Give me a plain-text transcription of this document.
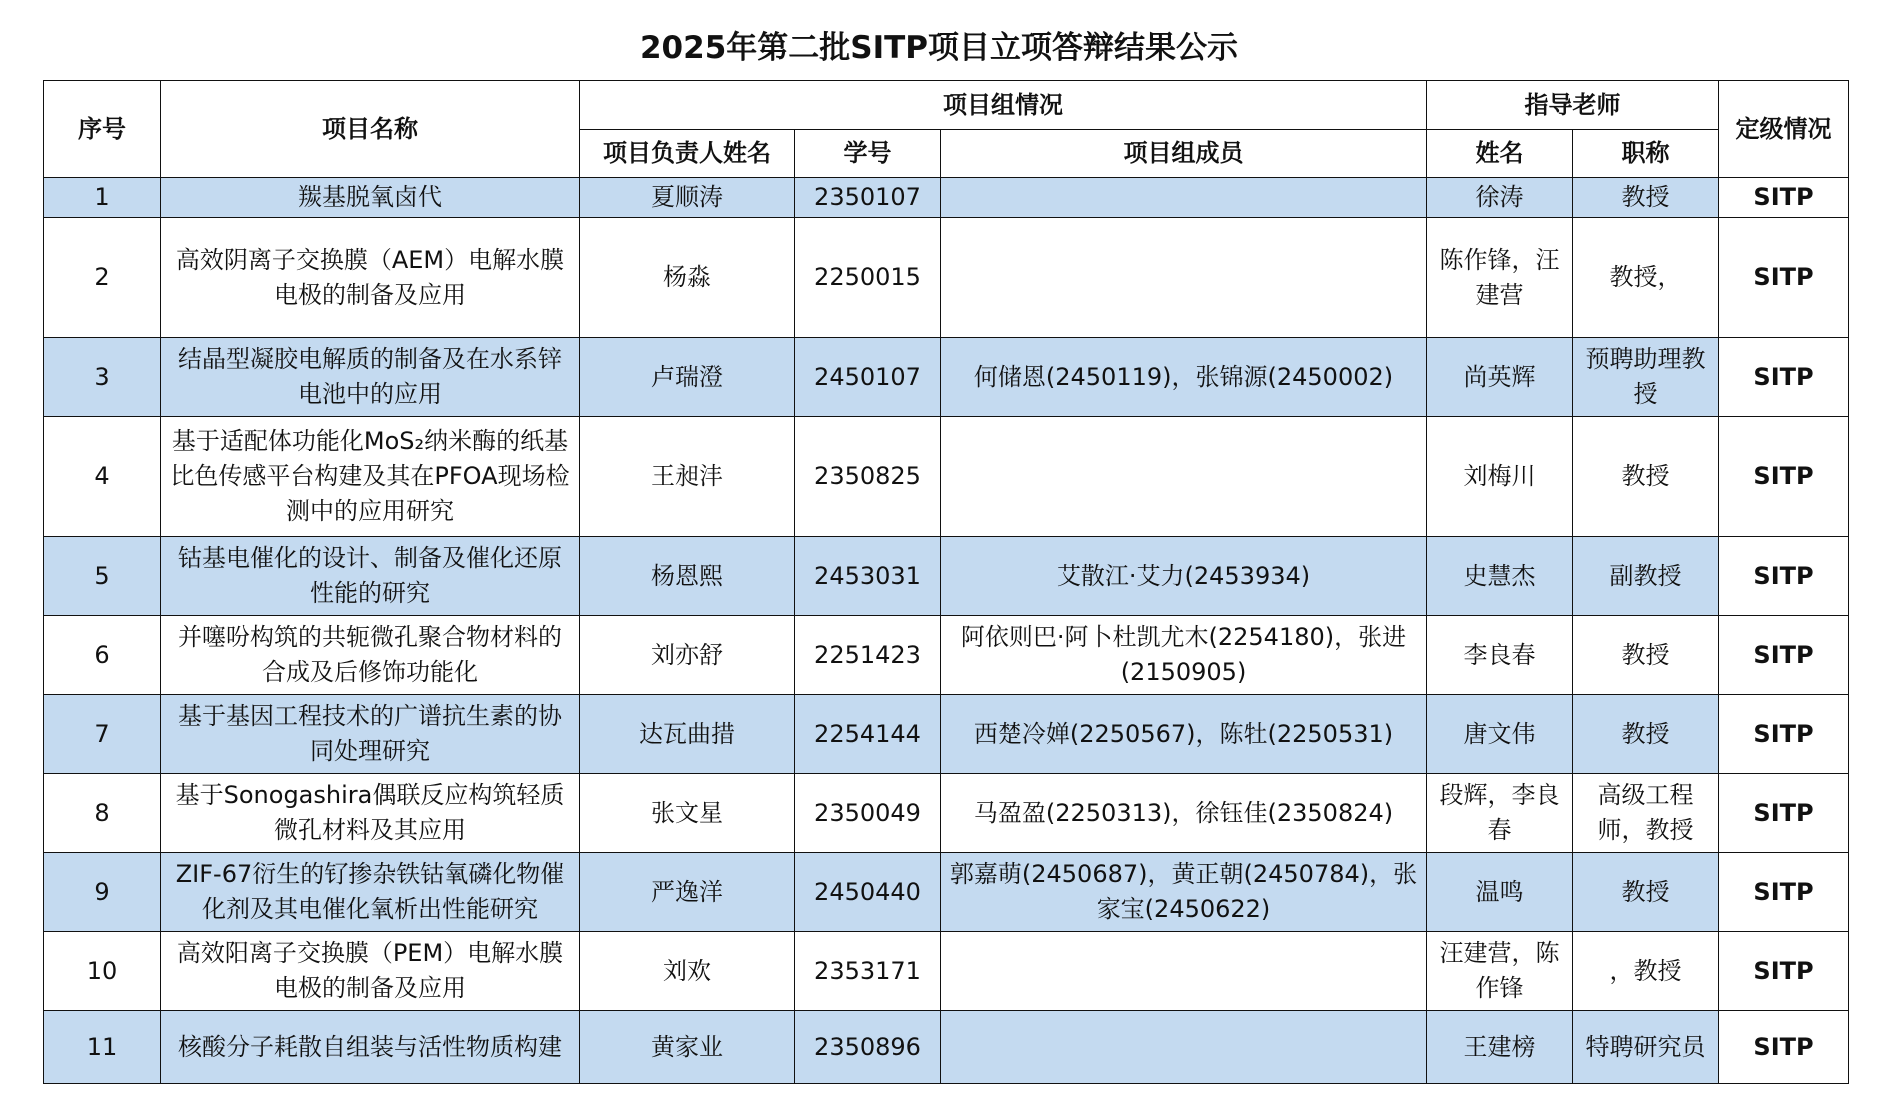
2025年第二批SITP项目立项答辩结果公示
序号	项目名称	项目组情况			指导老师		定级情况
		项目负责人姓名	学号	项目组成员	姓名	职称	
1	羰基脱氧卤代	夏顺涛	2350107		徐涛	教授	SITP
2	高效阴离子交换膜（AEM）电解水膜电极的制备及应用	杨淼	2250015		陈作锋，汪建营	教授，	SITP
3	结晶型凝胶电解质的制备及在水系锌电池中的应用	卢瑞澄	2450107	何储恩(2450119)，张锦源(2450002)	尚英辉	预聘助理教授	SITP
4	基于适配体功能化MoS₂纳米酶的纸基比色传感平台构建及其在PFOA现场检测中的应用研究	王昶沣	2350825		刘梅川	教授	SITP
5	钴基电催化的设计、制备及催化还原性能的研究	杨恩熙	2453031	艾散江·艾力(2453934)	史慧杰	副教授	SITP
6	并噻吩构筑的共轭微孔聚合物材料的合成及后修饰功能化	刘亦舒	2251423	阿依则巴·阿卜杜凯尤木(2254180)，张进(2150905)	李良春	教授	SITP
7	基于基因工程技术的广谱抗生素的协同处理研究	达瓦曲措	2254144	西楚冷婵(2250567)，陈牡(2250531)	唐文伟	教授	SITP
8	基于Sonogashira偶联反应构筑轻质微孔材料及其应用	张文星	2350049	马盈盈(2250313)，徐钰佳(2350824)	段辉，李良春	高级工程师，教授	SITP
9	ZIF-67衍生的钌掺杂铁钴氧磷化物催化剂及其电催化氧析出性能研究	严逸洋	2450440	郭嘉萌(2450687)，黄正朝(2450784)，张家宝(2450622)	温鸣	教授	SITP
10	高效阳离子交换膜（PEM）电解水膜电极的制备及应用	刘欢	2353171		汪建营，陈作锋	，教授	SITP
11	核酸分子耗散自组装与活性物质构建	黄家业	2350896		王建榜	特聘研究员	SITP
